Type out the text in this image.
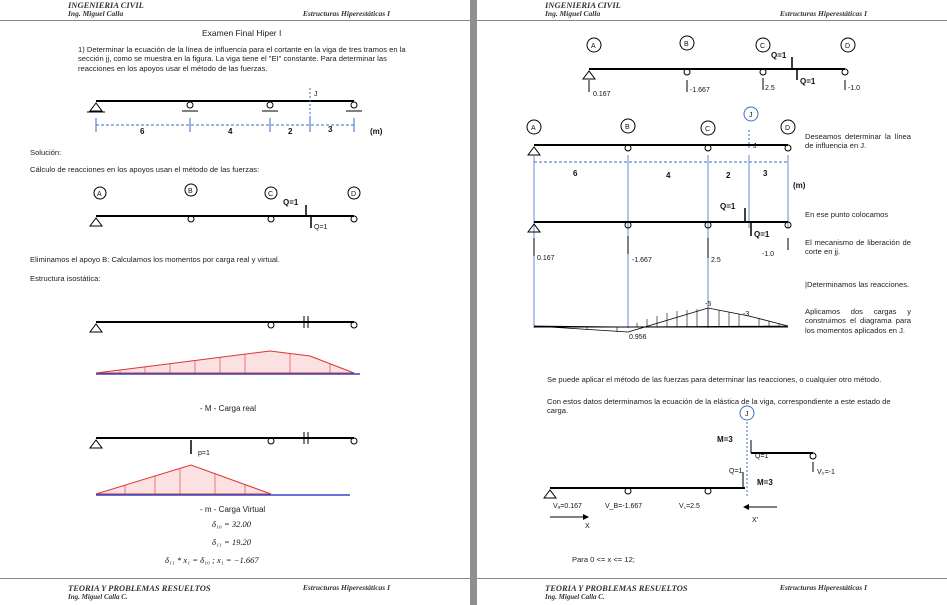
INGENIERIA CIVIL
Ing. Miguel Calla	Estructuras Hiperestáticas I
Examen Final Hiper I
1) Determinar la ecuación de la línea de influencia para el cortante en la viga de tres tramos en la sección jj, como se muestra en la figura. La viga tiene el "EI" constante. Para determinar las reacciones en los apoyos usar el método de las fuerzas.
J
6	4	2	3	(m)
A	B	C	D
Q=1
Q=1
p=1
Solución:
Cálculo de reacciones en los apoyos usan el método de las fuerzas:
Eliminamos el apoyo B: Calculamos los momentos por carga real y virtual.
Estructura isostática:
- M - Carga real
- m - Carga Virtual
δ₁₀ = 32.00
δ₁₁ = 19.20
δ₁₁ * x₁ = δ₁₀ ; x₁ = −1.667
TEORIA Y PROBLEMAS RESUELTOS
Ing. Miguel Calla C.
Estructuras Hiperestáticas I
INGENIERIA CIVIL
Ing. Miguel Calla	Estructuras Hiperestáticas I
A	B	C	D
Q=1
Q=1
0.167
-1.667	2.5	-1.0
A	B	C
J
D
J
6	4	2	3
(m)
Q=1
Q=1
0.167	-1.667	2.5
-1.0
-5
-3
0.956
J
M=3
Q=1
Q=1
M=3
V₀=-1
Vₐ=0.167	V_B=-1.667	V꜀=2.5
X
X'
Deseamos determinar la línea de influencia en J.
En ese punto colocamos
El mecanismo de liberación de corte en jj.
|Determinamos las reacciones.
Aplicamos dos cargas y construimos el diagrama para los momentos aplicados en J.
Se puede aplicar el método de las fuerzas para determinar las reacciones, o cualquier otro método.
Con estos datos determinamos la ecuación de la elástica de la viga, correspondiente a este estado de carga.
Para 0 <= x <= 12;
TEORIA Y PROBLEMAS RESUELTOS
Ing. Miguel Calla C.
Estructuras Hiperestáticas I
